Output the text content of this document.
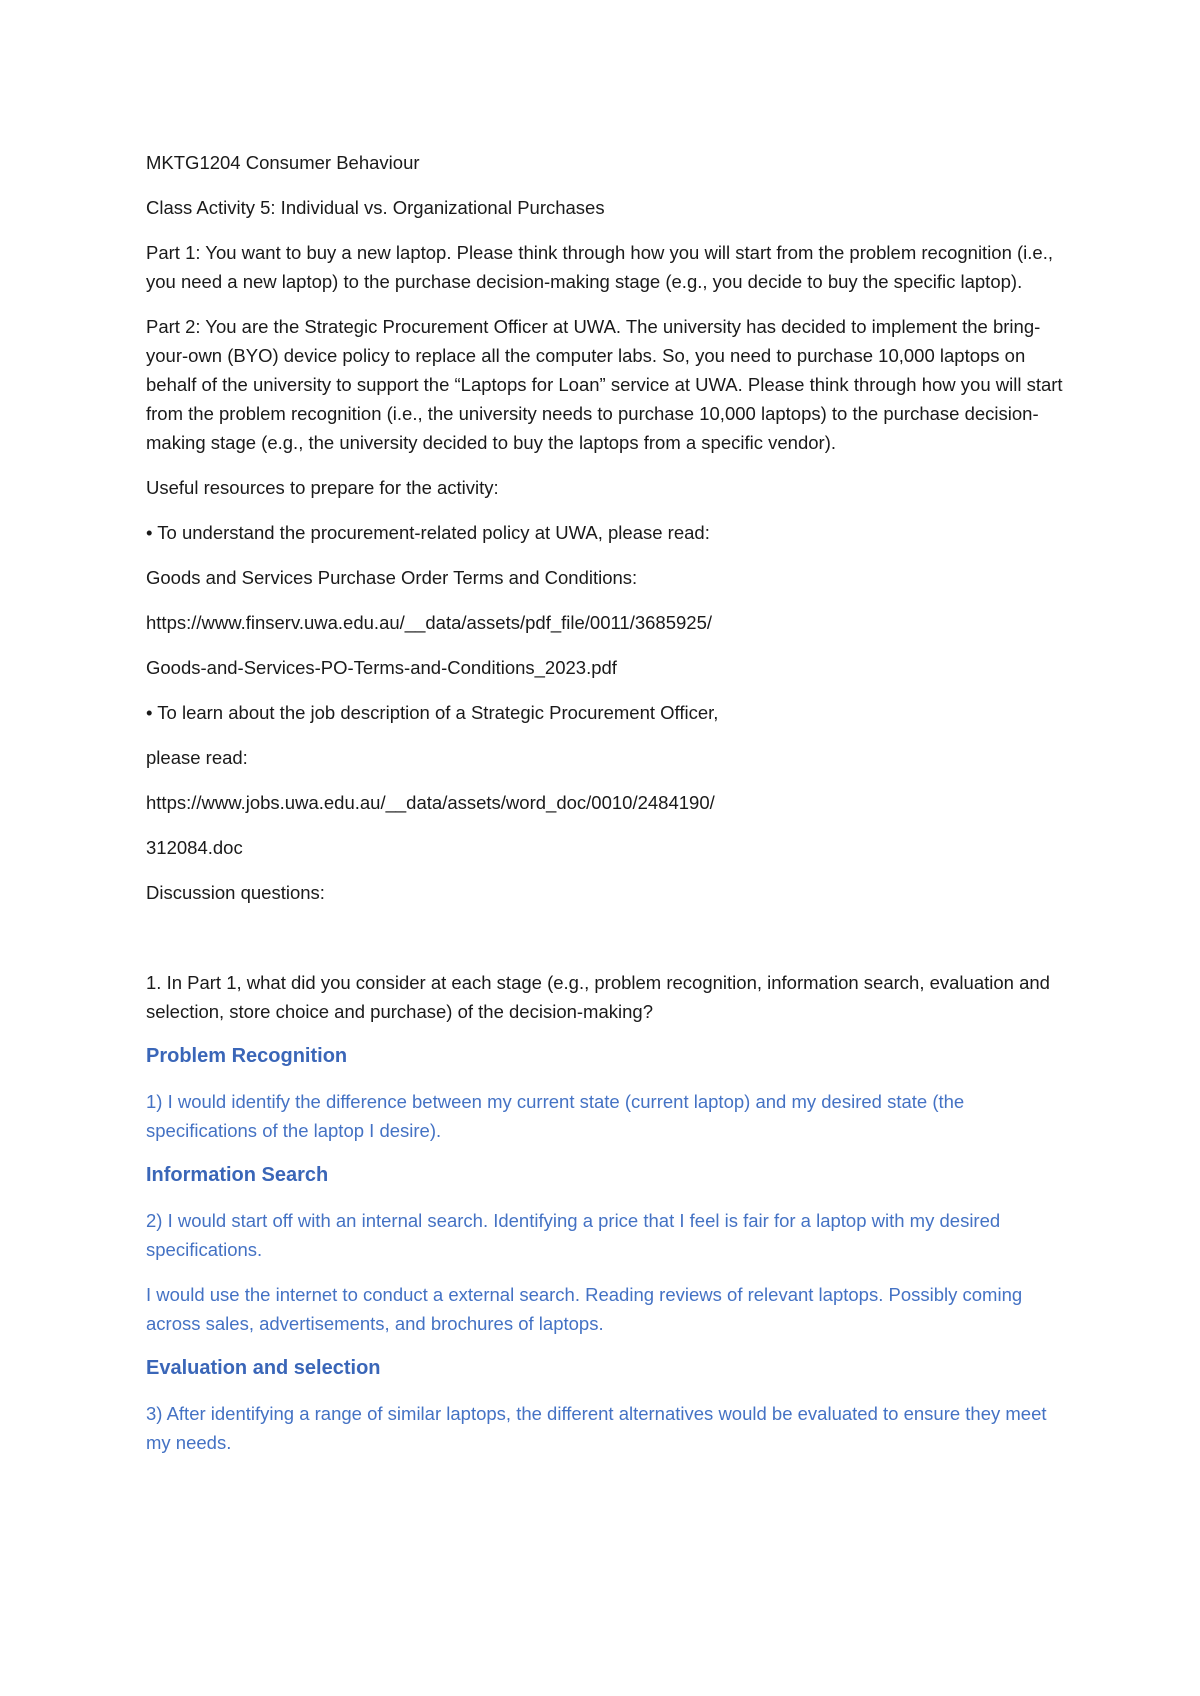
MKTG1204 Consumer Behaviour

Class Activity 5: Individual vs. Organizational Purchases

Part 1: You want to buy a new laptop. Please think through how you will start from the problem recognition (i.e., you need a new laptop) to the purchase decision-making stage (e.g., you decide to buy the specific laptop).

Part 2: You are the Strategic Procurement Officer at UWA. The university has decided to implement the bring-your-own (BYO) device policy to replace all the computer labs. So, you need to purchase 10,000 laptops on behalf of the university to support the “Laptops for Loan” service at UWA. Please think through how you will start from the problem recognition (i.e., the university needs to purchase 10,000 laptops) to the purchase decision-making stage (e.g., the university decided to buy the laptops from a specific vendor).

Useful resources to prepare for the activity:

• To understand the procurement-related policy at UWA, please read:

Goods and Services Purchase Order Terms and Conditions:

https://www.finserv.uwa.edu.au/__data/assets/pdf_file/0011/3685925/

Goods-and-Services-PO-Terms-and-Conditions_2023.pdf

• To learn about the job description of a Strategic Procurement Officer,

please read:

https://www.jobs.uwa.edu.au/__data/assets/word_doc/0010/2484190/

312084.doc

Discussion questions:

1. In Part 1, what did you consider at each stage (e.g., problem recognition, information search, evaluation and selection, store choice and purchase) of the decision-making?

Problem Recognition

1) I would identify the difference between my current state (current laptop) and my desired state (the specifications of the laptop I desire).

Information Search

2) I would start off with an internal search. Identifying a price that I feel is fair for a laptop with my desired specifications.

I would use the internet to conduct a external search. Reading reviews of relevant laptops. Possibly coming across sales, advertisements, and brochures of laptops.

Evaluation and selection

3) After identifying a range of similar laptops, the different alternatives would be evaluated to ensure they meet my needs.
